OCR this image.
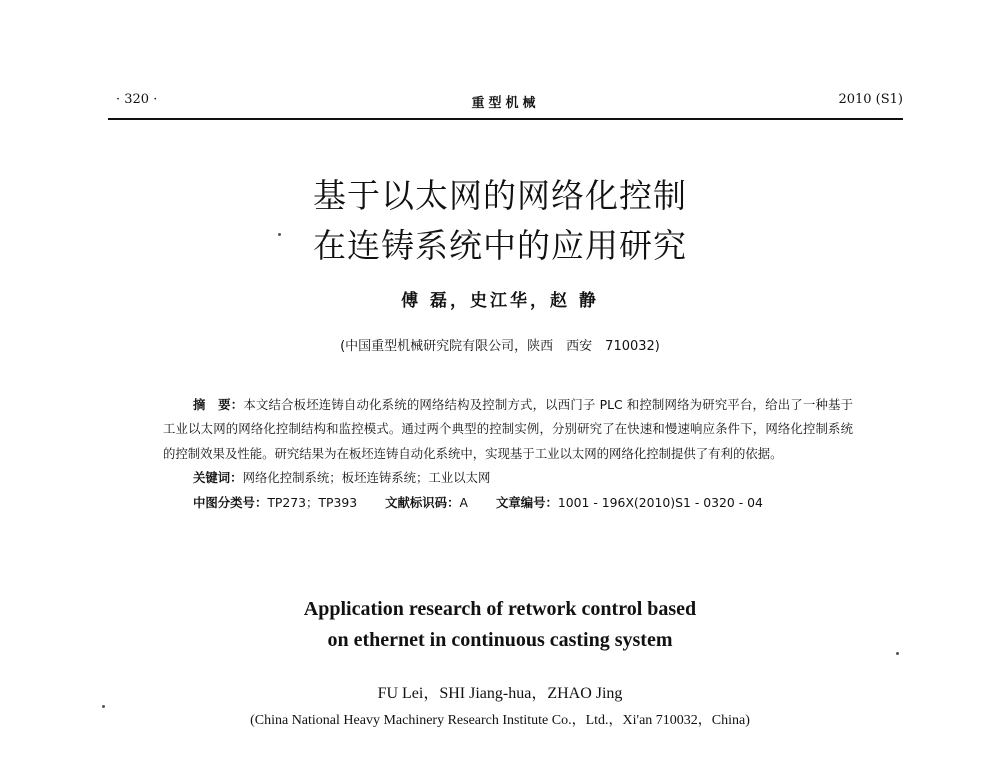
· 320 ·	重型机械	2010 (S1)
基于以太网的网络化控制
在连铸系统中的应用研究
傅 磊，史江华，赵 静
(中国重型机械研究院有限公司，陕西　西安　710032)

摘　要：本文结合板坯连铸自动化系统的网络结构及控制方式，以西门子 PLC 和控制网络为研究平台，给出了一种基于工业以太网的网络化控制结构和监控模式。通过两个典型的控制实例，分别研究了在快速和慢速响应条件下，网络化控制系统的控制效果及性能。研究结果为在板坯连铸自动化系统中，实现基于工业以太网的网络化控制提供了有利的依据。

关键词：网络化控制系统；板坯连铸系统；工业以太网
中图分类号：TP273；TP393 文献标识码：A 文章编号：1001 - 196X(2010)S1 - 0320 - 04
Application research of retwork control based
on ethernet in continuous casting system
FU Lei，SHI Jiang-hua，ZHAO Jing
(China National Heavy Machinery Research Institute Co.，Ltd.，Xi'an 710032，China)
